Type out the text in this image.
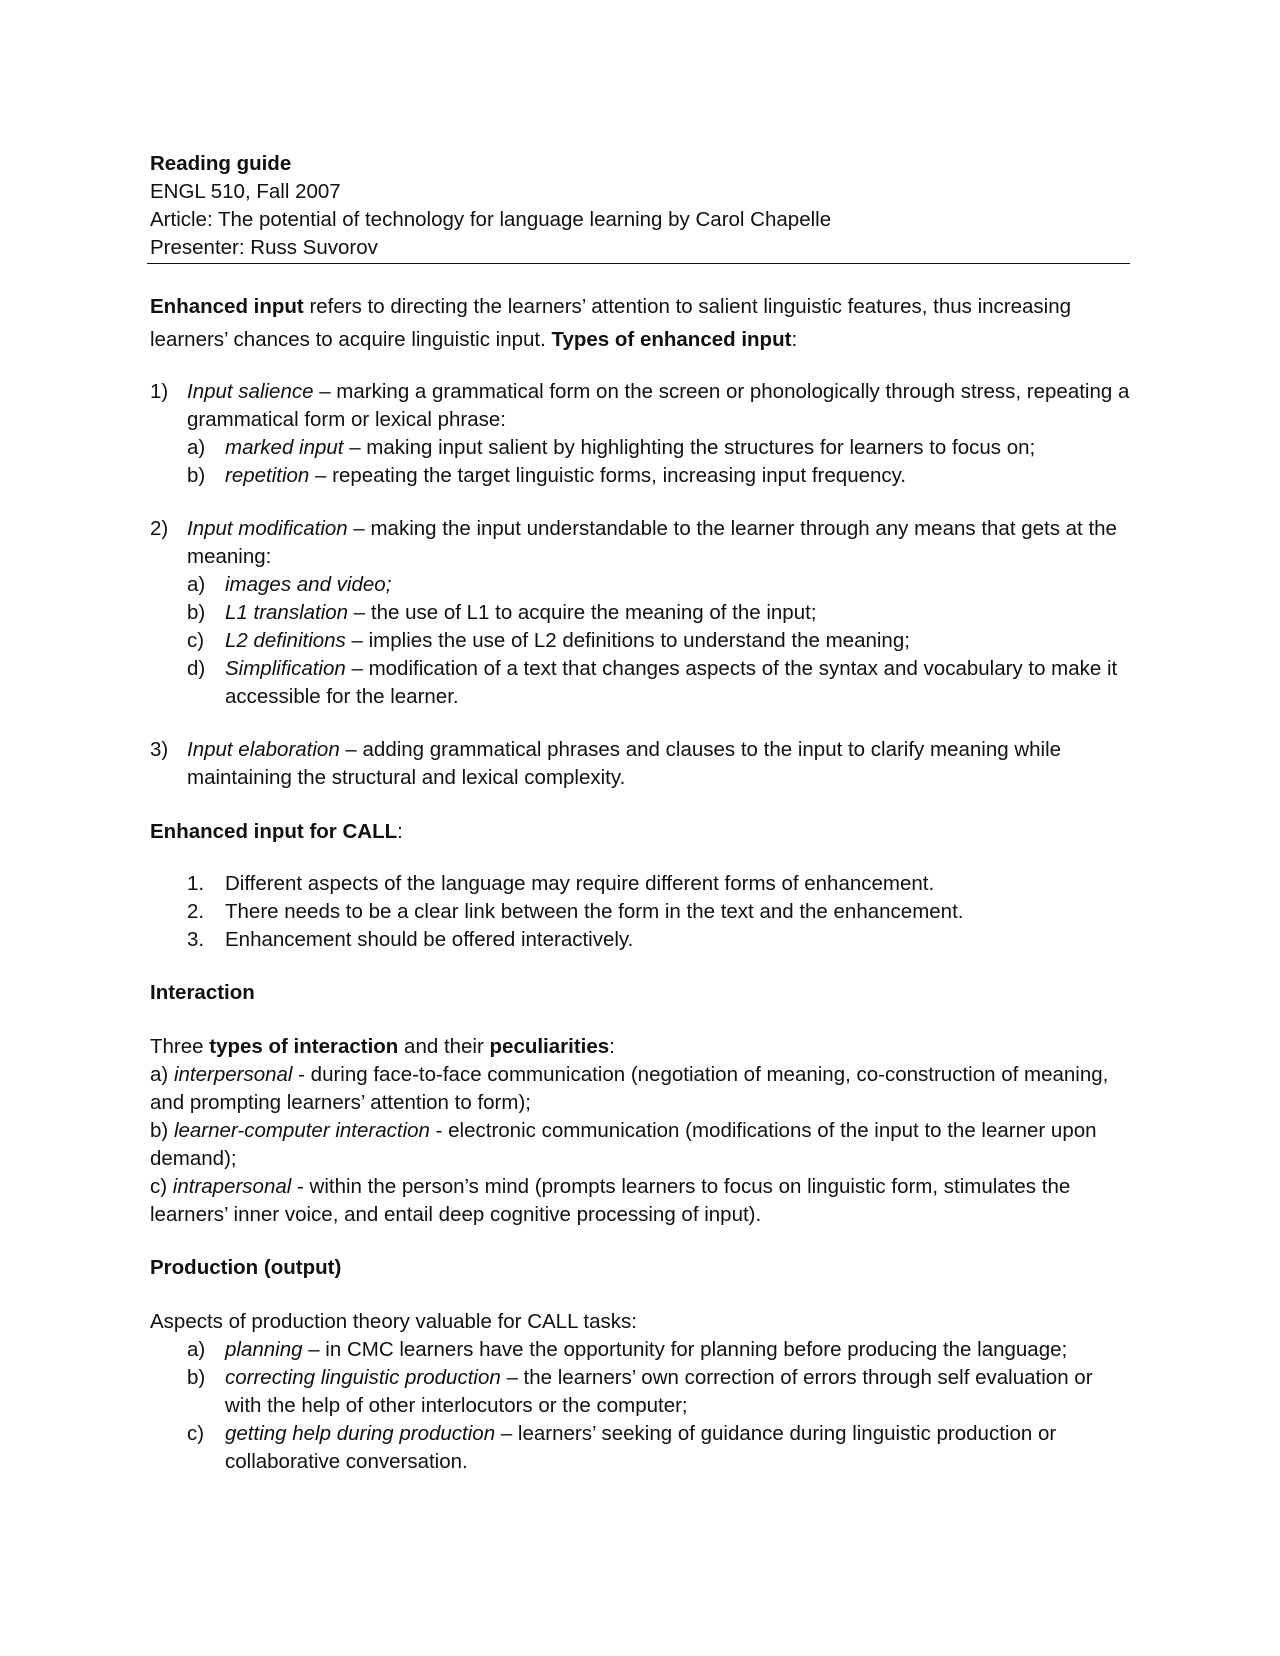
Reading guide

ENGL 510, Fall 2007

Article: The potential of technology for language learning by Carol Chapelle

Presenter: Russ Suvorov

Enhanced input refers to directing the learners’ attention to salient linguistic features, thus increasing learners’ chances to acquire linguistic input. Types of enhanced input:

1) Input salience – marking a grammatical form on the screen or phonologically through stress, repeating a grammatical form or lexical phrase:
a) marked input – making input salient by highlighting the structures for learners to focus on;
b) repetition – repeating the target linguistic forms, increasing input frequency.
2) Input modification – making the input understandable to the learner through any means that gets at the meaning:
a) images and video;
b) L1 translation – the use of L1 to acquire the meaning of the input;
c) L2 definitions – implies the use of L2 definitions to understand the meaning;
d) Simplification – modification of a text that changes aspects of the syntax and vocabulary to make it accessible for the learner.
3) Input elaboration – adding grammatical phrases and clauses to the input to clarify meaning while maintaining the structural and lexical complexity.

Enhanced input for CALL:

1. Different aspects of the language may require different forms of enhancement.
2. There needs to be a clear link between the form in the text and the enhancement.
3. Enhancement should be offered interactively.

Interaction

Three types of interaction and their peculiarities:

a) interpersonal - during face-to-face communication (negotiation of meaning, co-construction of meaning, and prompting learners’ attention to form);

b) learner-computer interaction - electronic communication (modifications of the input to the learner upon demand);

c) intrapersonal - within the person’s mind (prompts learners to focus on linguistic form, stimulates the learners’ inner voice, and entail deep cognitive processing of input).

Production (output)

Aspects of production theory valuable for CALL tasks:

a) planning – in CMC learners have the opportunity for planning before producing the language;
b) correcting linguistic production – the learners’ own correction of errors through self evaluation or with the help of other interlocutors or the computer;
c) getting help during production – learners’ seeking of guidance during linguistic production or collaborative conversation.
